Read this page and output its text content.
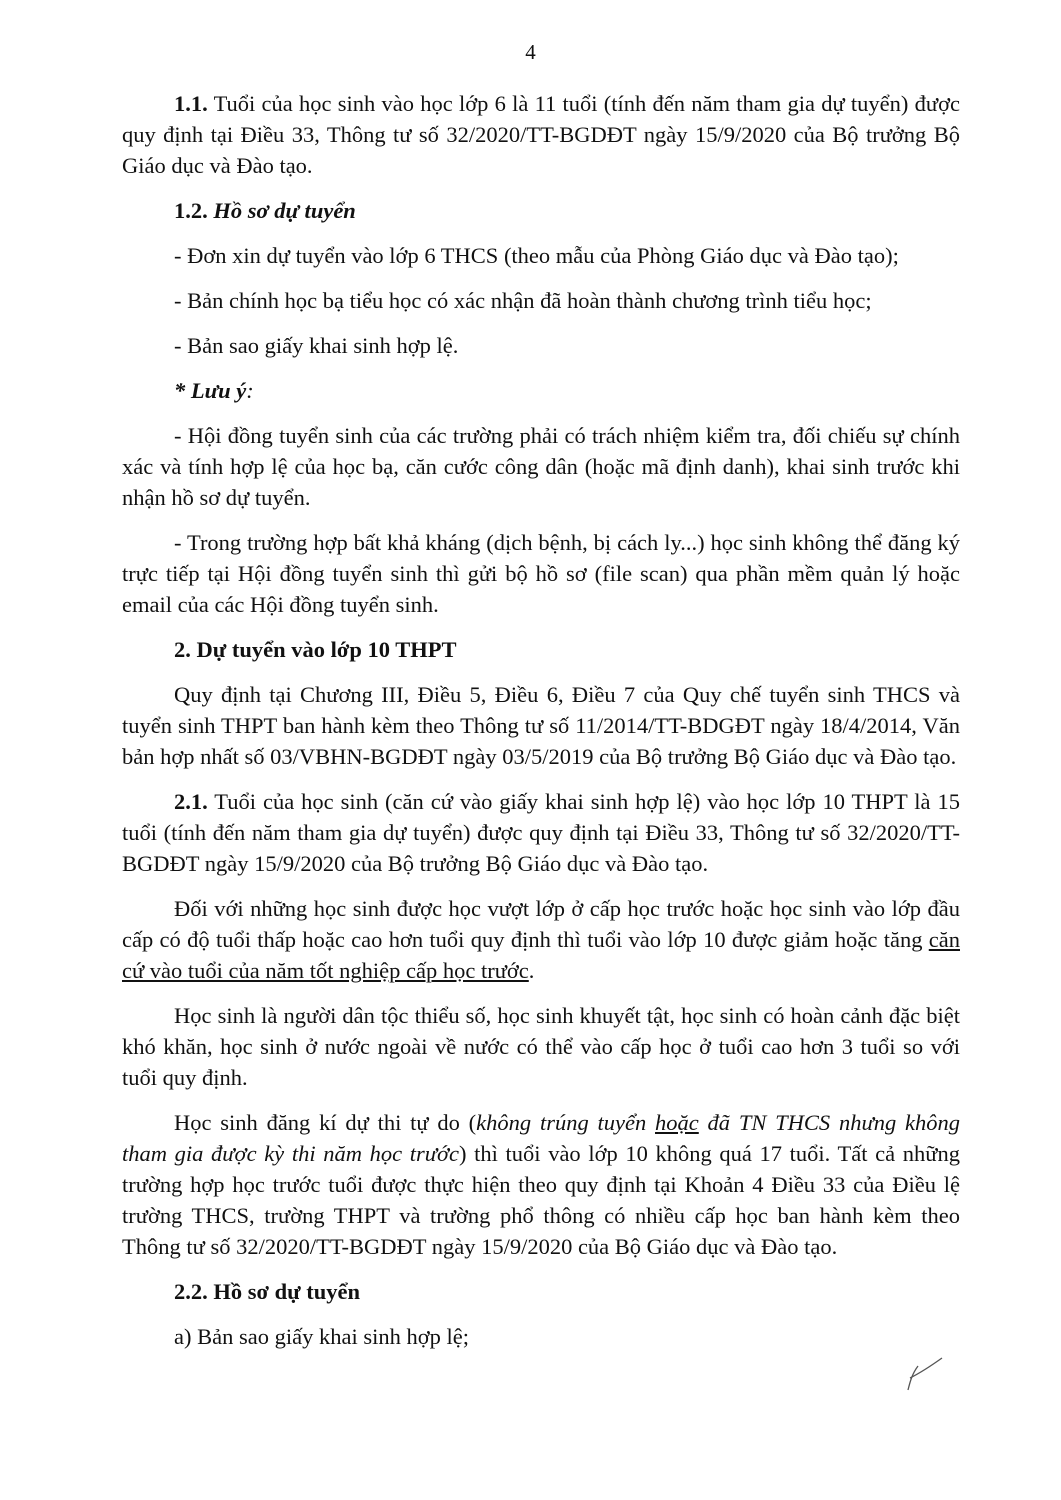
4

1.1. Tuổi của học sinh vào học lớp 6 là 11 tuổi (tính đến năm tham gia dự tuyển) được quy định tại Điều 33, Thông tư số 32/2020/TT-BGDĐT ngày 15/9/2020 của Bộ trưởng Bộ Giáo dục và Đào tạo.

1.2. Hồ sơ dự tuyển

- Đơn xin dự tuyển vào lớp 6 THCS (theo mẫu của Phòng Giáo dục và Đào tạo);

- Bản chính học bạ tiểu học có xác nhận đã hoàn thành chương trình tiểu học;

- Bản sao giấy khai sinh hợp lệ.

* Lưu ý:

- Hội đồng tuyển sinh của các trường phải có trách nhiệm kiểm tra, đối chiếu sự chính xác và tính hợp lệ của học bạ, căn cước công dân (hoặc mã định danh), khai sinh trước khi nhận hồ sơ dự tuyển.

- Trong trường hợp bất khả kháng (dịch bệnh, bị cách ly...) học sinh không thể đăng ký trực tiếp tại Hội đồng tuyển sinh thì gửi bộ hồ sơ (file scan) qua phần mềm quản lý hoặc email của các Hội đồng tuyển sinh.

2. Dự tuyển vào lớp 10 THPT

Quy định tại Chương III, Điều 5, Điều 6, Điều 7 của Quy chế tuyển sinh THCS và tuyển sinh THPT ban hành kèm theo Thông tư số 11/2014/TT-BDGĐT ngày 18/4/2014, Văn bản hợp nhất số 03/VBHN-BGDĐT ngày 03/5/2019 của Bộ trưởng Bộ Giáo dục và Đào tạo.

2.1. Tuổi của học sinh (căn cứ vào giấy khai sinh hợp lệ) vào học lớp 10 THPT là 15 tuổi (tính đến năm tham gia dự tuyển) được quy định tại Điều 33, Thông tư số 32/2020/TT-BGDĐT ngày 15/9/2020 của Bộ trưởng Bộ Giáo dục và Đào tạo.

Đối với những học sinh được học vượt lớp ở cấp học trước hoặc học sinh vào lớp đầu cấp có độ tuổi thấp hoặc cao hơn tuổi quy định thì tuổi vào lớp 10 được giảm hoặc tăng căn cứ vào tuổi của năm tốt nghiệp cấp học trước.

Học sinh là người dân tộc thiểu số, học sinh khuyết tật, học sinh có hoàn cảnh đặc biệt khó khăn, học sinh ở nước ngoài về nước có thể vào cấp học ở tuổi cao hơn 3 tuổi so với tuổi quy định.

Học sinh đăng kí dự thi tự do (không trúng tuyển hoặc đã TN THCS nhưng không tham gia được kỳ thi năm học trước) thì tuổi vào lớp 10 không quá 17 tuổi. Tất cả những trường hợp học trước tuổi được thực hiện theo quy định tại Khoản 4 Điều 33 của Điều lệ trường THCS, trường THPT và trường phổ thông có nhiều cấp học ban hành kèm theo Thông tư số 32/2020/TT-BGDĐT ngày 15/9/2020 của Bộ Giáo dục và Đào tạo.

2.2. Hồ sơ dự tuyển

a) Bản sao giấy khai sinh hợp lệ;
